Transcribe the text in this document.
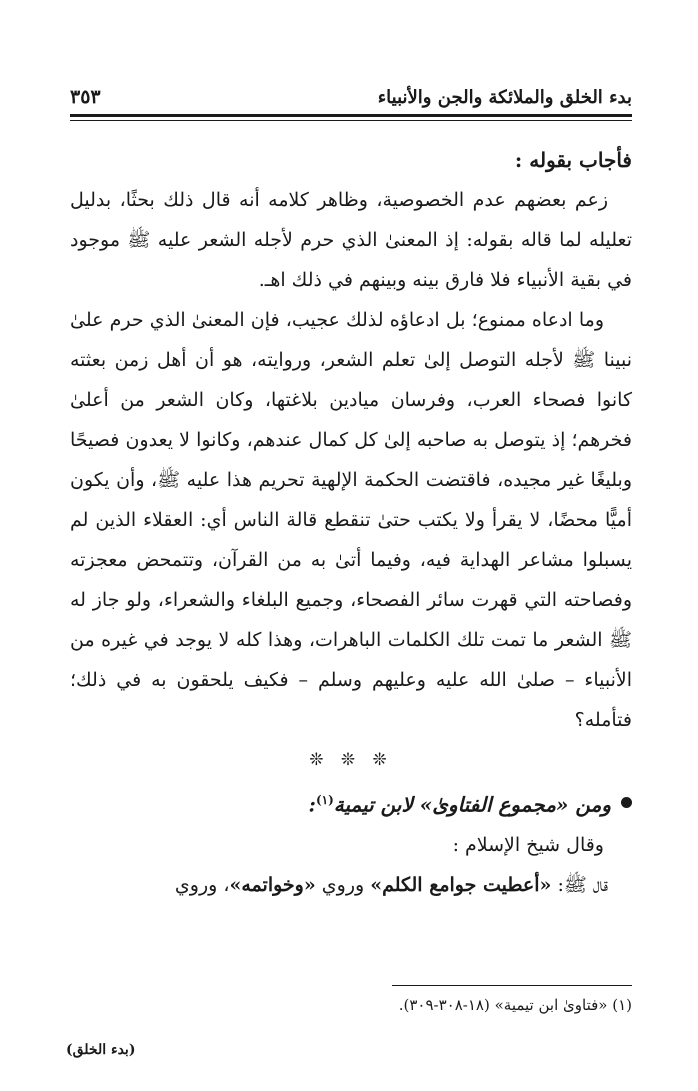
بدء الخلق والملائكة والجن والأنبياء
٣٥٣

فأجاب بقوله :

زعم بعضهم عدم الخصوصية، وظاهر كلامه أنه قال ذلك بحثًا، بدليل تعليله لما قاله بقوله: إذ المعنىٰ الذي حرم لأجله الشعر عليه ﷺ موجود في بقية الأنبياء فلا فارق بينه وبينهم في ذلك اهـ.

وما ادعاه ممنوع؛ بل ادعاؤه لذلك عجيب، فإن المعنىٰ الذي حرم علىٰ نبينا ﷺ لأجله التوصل إلىٰ تعلم الشعر، وروايته، هو أن أهل زمن بعثته كانوا فصحاء العرب، وفرسان ميادين بلاغتها، وكان الشعر من أعلىٰ فخرهم؛ إذ يتوصل به صاحبه إلىٰ كل كمال عندهم، وكانوا لا يعدون فصيحًا وبليغًا غير مجيده، فاقتضت الحكمة الإلهية تحريم هذا عليه ﷺ، وأن يكون أميًّا محضًا، لا يقرأ ولا يكتب حتىٰ تنقطع قالة الناس أي: العقلاء الذين لم يسبلوا مشاعر الهداية فيه، وفيما أتىٰ به من القرآن، وتتمحض معجزته وفصاحته التي قهرت سائر الفصحاء، وجميع البلغاء والشعراء، ولو جاز له ﷺ الشعر ما تمت تلك الكلمات الباهرات، وهذا كله لا يوجد في غيره من الأنبياء – صلىٰ الله عليه وعليهم وسلم – فكيف يلحقون به في ذلك؛ فتأمله؟

❊ ❊ ❊

ومن «مجموع الفتاوىٰ» لابن تيمية$^{(١)}$:

وقال شيخ الإسلام :

قال ﷺ: «أعطيت جوامع الكلم» وروي «وخواتمه»، وروي

(١) «فتاوىٰ ابن تيمية» (١٨-٣٠٨-٣٠٩).
(بدء الخلق)
